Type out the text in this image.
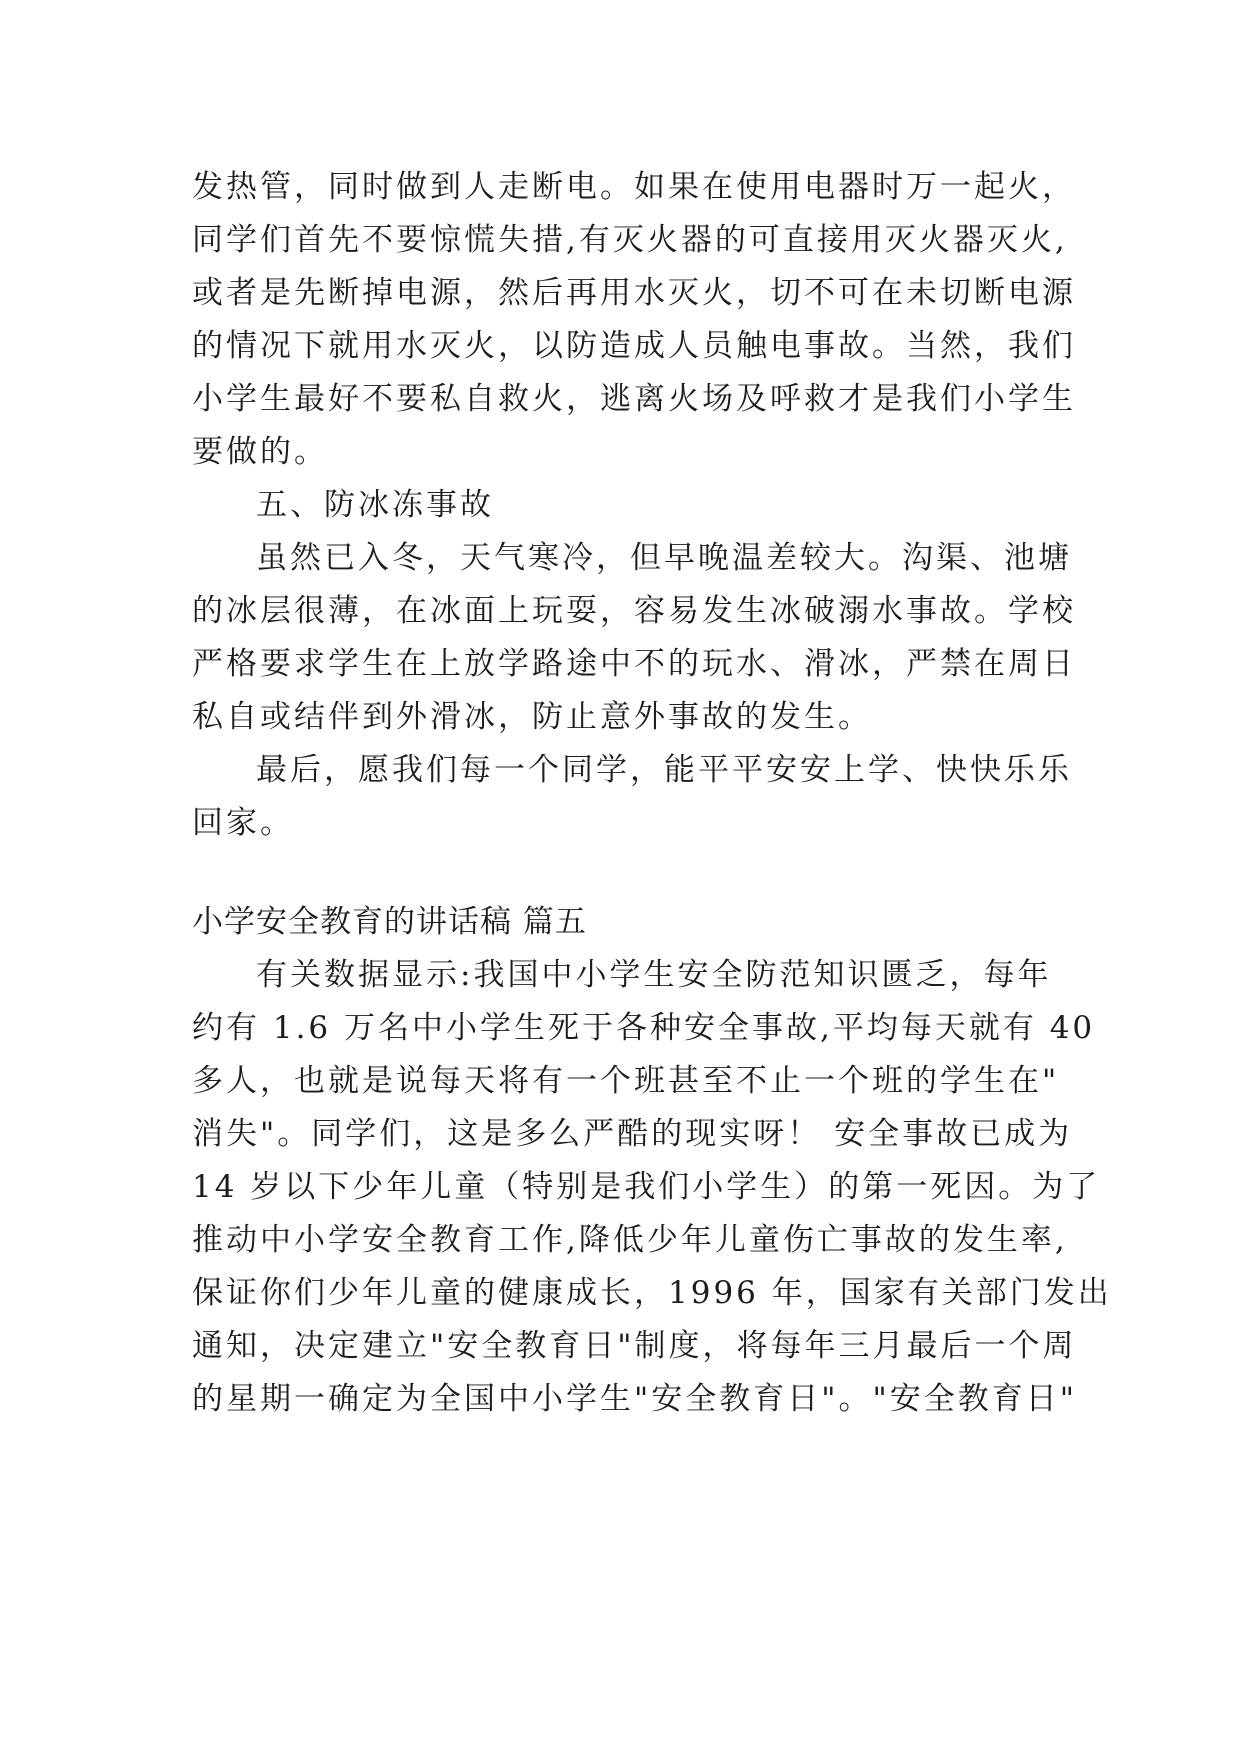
发热管，同时做到人走断电。如果在使用电器时万一起火，
同学们首先不要惊慌失措,有灭火器的可直接用灭火器灭火,
或者是先断掉电源，然后再用水灭火，切不可在未切断电源
的情况下就用水灭火，以防造成人员触电事故。当然，我们
小学生最好不要私自救火，逃离火场及呼救才是我们小学生
要做的。
五、防冰冻事故
虽然已入冬，天气寒冷，但早晚温差较大。沟渠、池塘
的冰层很薄，在冰面上玩耍，容易发生冰破溺水事故。学校
严格要求学生在上放学路途中不的玩水、滑冰，严禁在周日
私自或结伴到外滑冰，防止意外事故的发生。
最后，愿我们每一个同学，能平平安安上学、快快乐乐
回家。
小学安全教育的讲话稿 篇五
有关数据显示:我国中小学生安全防范知识匮乏，每年
约有 1.6 万名中小学生死于各种安全事故,平均每天就有 40
多人，也就是说每天将有一个班甚至不止一个班的学生在"
消失"。同学们，这是多么严酷的现实呀！ 安全事故已成为
14 岁以下少年儿童（特别是我们小学生）的第一死因。为了
推动中小学安全教育工作,降低少年儿童伤亡事故的发生率,
保证你们少年儿童的健康成长，1996 年，国家有关部门发出
通知，决定建立"安全教育日"制度，将每年三月最后一个周
的星期一确定为全国中小学生"安全教育日"。"安全教育日"
